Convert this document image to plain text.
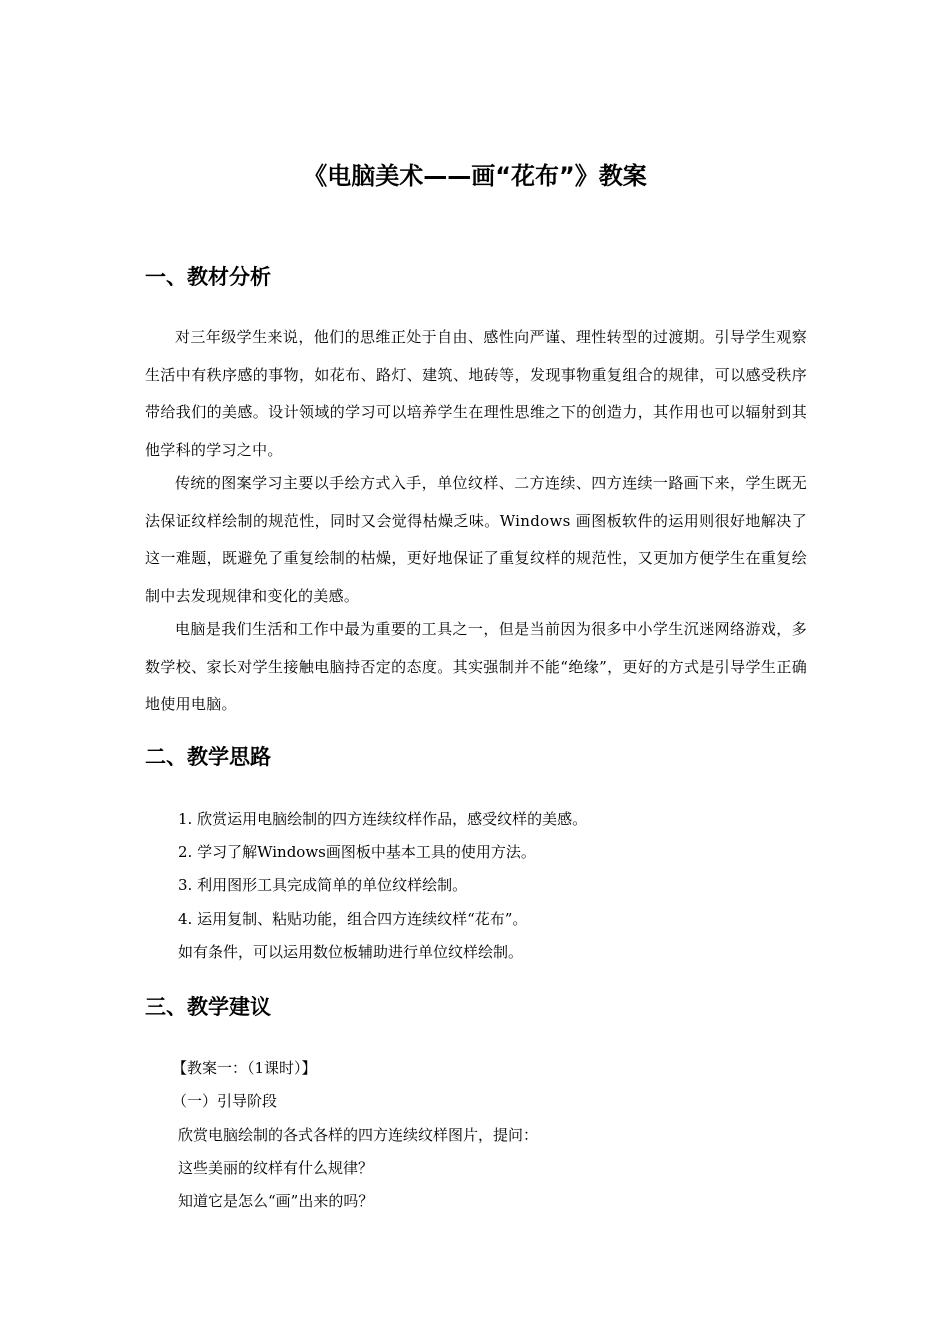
《电脑美术——画“花布”》教案
一、教材分析

对三年级学生来说，他们的思维正处于自由、感性向严谨、理性转型的过渡期。引导学生观察生活中有秩序感的事物，如花布、路灯、建筑、地砖等，发现事物重复组合的规律，可以感受秩序带给我们的美感。设计领域的学习可以培养学生在理性思维之下的创造力，其作用也可以辐射到其他学科的学习之中。

传统的图案学习主要以手绘方式入手，单位纹样、二方连续、四方连续一路画下来，学生既无法保证纹样绘制的规范性，同时又会觉得枯燥乏味。Windows 画图板软件的运用则很好地解决了这一难题，既避免了重复绘制的枯燥，更好地保证了重复纹样的规范性，又更加方便学生在重复绘制中去发现规律和变化的美感。

电脑是我们生活和工作中最为重要的工具之一，但是当前因为很多中小学生沉迷网络游戏，多数学校、家长对学生接触电脑持否定的态度。其实强制并不能“绝缘”，更好的方式是引导学生正确地使用电脑。

二、教学思路

1. 欣赏运用电脑绘制的四方连续纹样作品，感受纹样的美感。

2. 学习了解Windows画图板中基本工具的使用方法。

3. 利用图形工具完成简单的单位纹样绘制。

4. 运用复制、粘贴功能，组合四方连续纹样“花布”。

如有条件，可以运用数位板辅助进行单位纹样绘制。

三、教学建议

【教案一：（1课时）】

（一）引导阶段

欣赏电脑绘制的各式各样的四方连续纹样图片，提问：

这些美丽的纹样有什么规律？

知道它是怎么“画”出来的吗？
